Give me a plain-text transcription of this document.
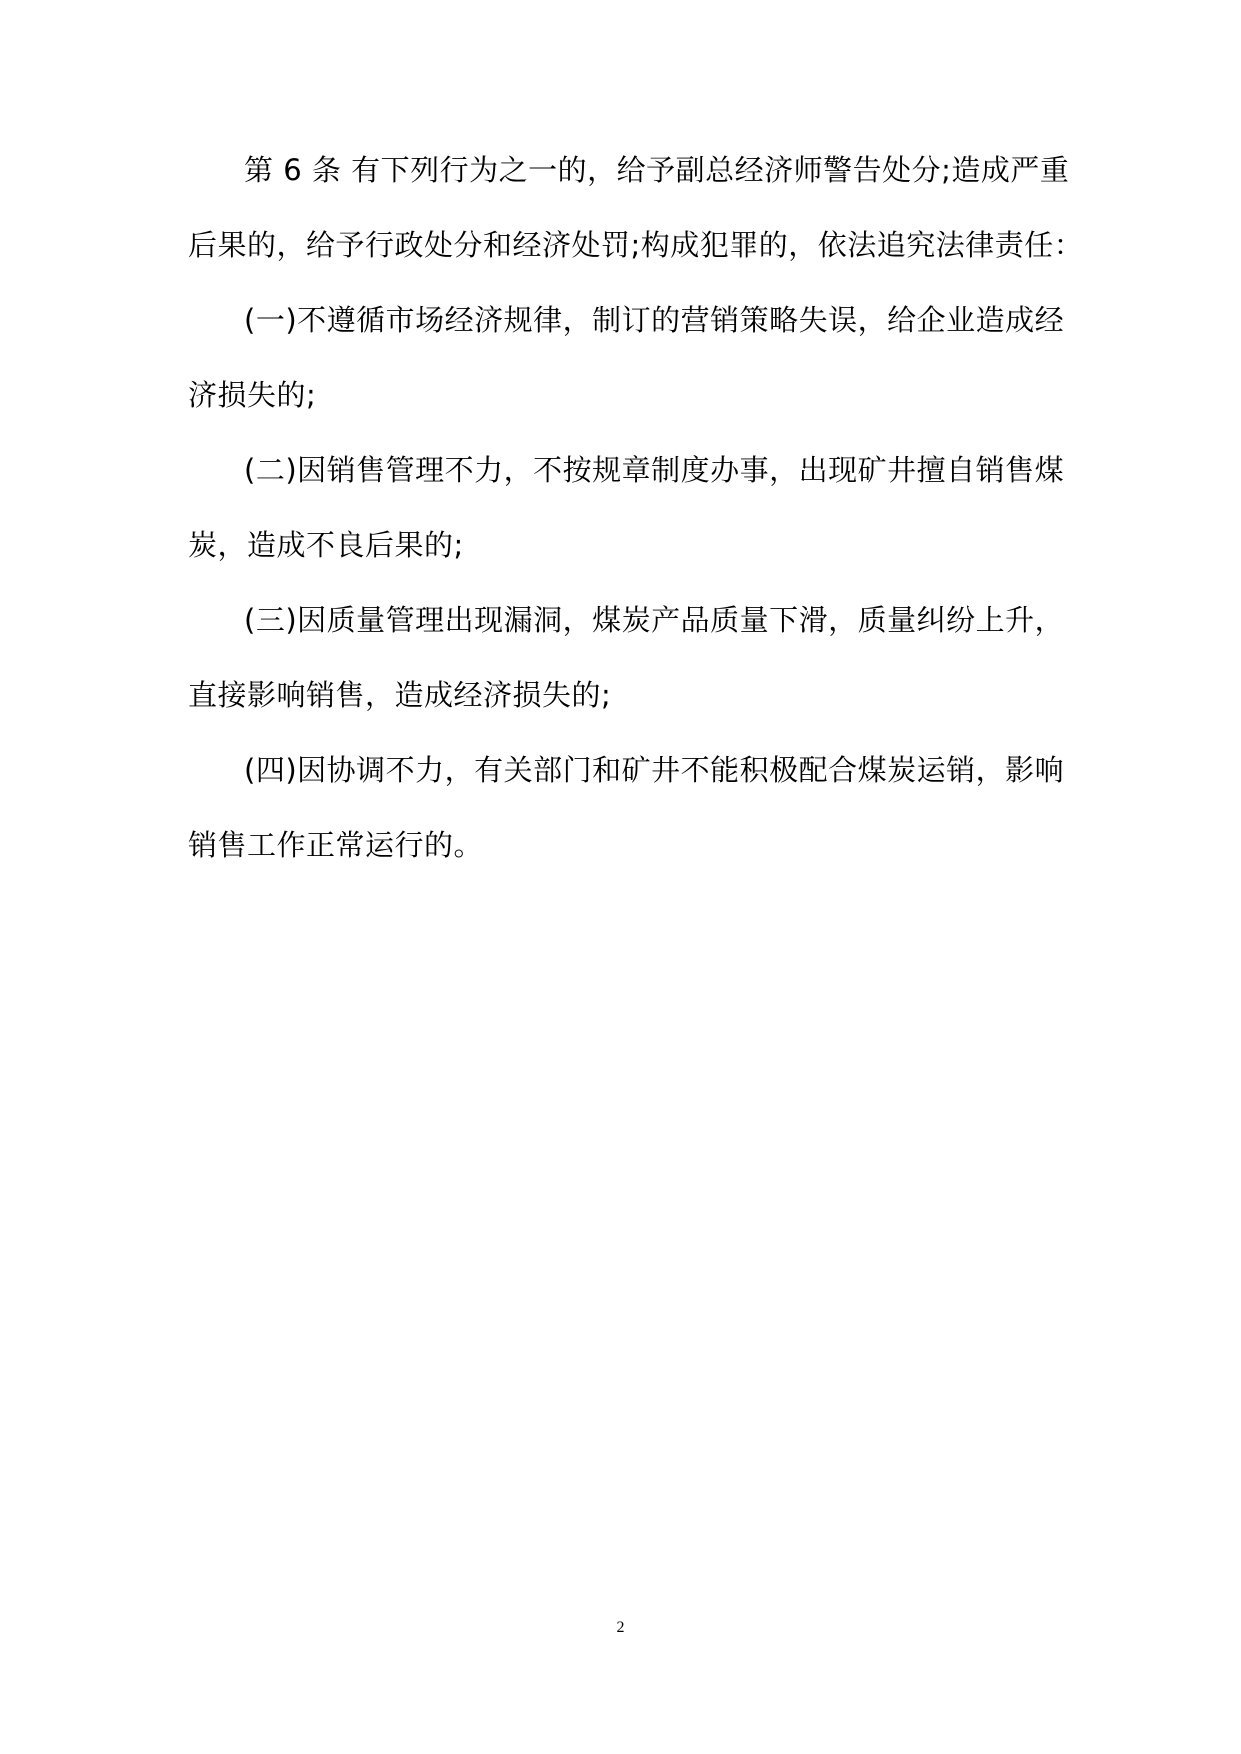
第 6 条 有下列行为之一的，给予副总经济师警告处分;造成严重
后果的，给予行政处分和经济处罚;构成犯罪的，依法追究法律责任：
(一)不遵循市场经济规律，制订的营销策略失误，给企业造成经
济损失的;
(二)因销售管理不力，不按规章制度办事，出现矿井擅自销售煤
炭，造成不良后果的;
(三)因质量管理出现漏洞，煤炭产品质量下滑，质量纠纷上升，
直接影响销售，造成经济损失的;
(四)因协调不力，有关部门和矿井不能积极配合煤炭运销，影响
销售工作正常运行的。
2
